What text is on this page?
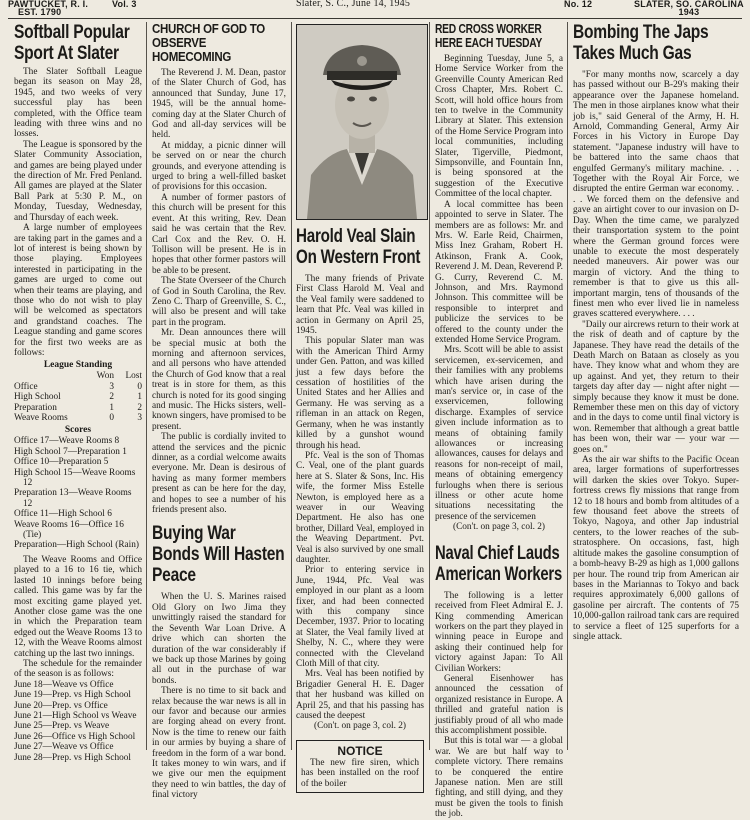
PAWTUCKET, R. I.
EST. 1790
Vol. 3	Slater, S. C., June 14, 1945	No. 12	SLATER, SO. CAROLINA
1943
Softball Popular Sport At Slater

The Slater Softball League began its season on May 28, 1945, and two weeks of very successful play has been completed, with the Office team leading with three wins and no losses.

The League is sponsored by the Slater Community Association, and games are being played under the direction of Mr. Fred Penland. All games are played at the Slater Ball Park at 5:30 P. M., on Monday, Tuesday, Wednesday, and Thursday of each week.

A large number of employees are taking part in the games and a lot of interest is being shown by those playing. Employees interested in participating in the games are urged to come out when their teams are playing, and those who do not wish to play will be welcomed as spectators and grandstand coaches. The League standing and game scores for the first two weeks are as follows:

League Standing
Won	Lost
Office	3	0
High School	2	1
Preparation	1	2
Weave Rooms	0	3
Scores
Office 17—Weave Rooms 8
High School 7—Preparation 1
Office 10—Preparation 5
High School 15—Weave Rooms 12
Preparation 13—Weave Rooms 12
Office 11—High School 6
Weave Rooms 16—Office 16 (Tie)
Preparation—High School (Rain)

The Weave Rooms and Office played to a 16 to 16 tie, which lasted 10 innings before being called. This game was by far the most exciting game played yet. Another close game was the one in which the Preparation team edged out the Weave Rooms 13 to 12, with the Weave Rooms almost catching up the last two innings.

The schedule for the remainder of the season is as follows:

June 18—Weave vs Office
June 19—Prep. vs High School
June 20—Prep. vs Office
June 21—High School vs Weave
June 25—Prep. vs Weave
June 26—Office vs High School
June 27—Weave vs Office
June 28—Prep. vs High School
CHURCH OF GOD TO OBSERVE HOMECOMING

The Reverend J. M. Dean, pastor of the Slater Church of God, has announced that Sunday, June 17, 1945, will be the annual home-coming day at the Slater Church of God and all-day services will be held.

At midday, a picnic dinner will be served on or near the church grounds, and everyone attending is urged to bring a well-filled basket of provisions for this occasion.

A number of former pastors of this church will be present for this event. At this writing, Rev. Dean said he was certain that the Rev. Carl Cox and the Rev. O. H. Tollison will be present. He is in hopes that other former pastors will be able to be present.

The State Overseer of the Church of God in South Carolina, the Rev. Zeno C. Tharp of Greenville, S. C., will also be present and will take part in the program.

Mr. Dean announces there will be special music at both the morning and afternoon services, and all persons who have attended the Church of God know that a real treat is in store for them, as this church is noted for its good singing and music. The Hicks sisters, well-known singers, have promised to be present.

The public is cordially invited to attend the services and the picnic dinner, as a cordial welcome awaits everyone. Mr. Dean is desirous of having as many former members present as can be here for the day, and hopes to see a number of his friends present also.

Buying War Bonds Will Hasten Peace

When the U. S. Marines raised Old Glory on Iwo Jima they unwittingly raised the standard for the Seventh War Loan Drive. A drive which can shorten the duration of the war considerably if we back up those Marines by going all out in the purchase of war bonds.

There is no time to sit back and relax because the war news is all in our favor and because our armies are forging ahead on every front. Now is the time to renew our faith in our armies by buying a share of freedom in the form of a war bond. It takes money to win wars, and if we give our men the equipment they need to win battles, the day of final victory

Harold Veal Slain On Western Front

The many friends of Private First Class Harold M. Veal and the Veal family were saddened to learn that Pfc. Veal was killed in action in Germany on April 25, 1945.

This popular Slater man was with the American Third Army under Gen. Patton, and was killed just a few days before the cessation of hostilities of the United States and her Allies and Germany. He was serving as a rifleman in an attack on Regen, Germany, when he was instantly killed by a gunshot wound through his head.

Pfc. Veal is the son of Thomas C. Veal, one of the plant guards here at S. Slater & Sons, Inc. His wife, the former Miss Estelle Newton, is employed here as a weaver in our Weaving Department. He also has one brother, Dillard Veal, employed in the Weaving Department. Pvt. Veal is also survived by one small daughter.

Prior to entering service in June, 1944, Pfc. Veal was employed in our plant as a loom fixer, and had been connected with this company since December, 1937. Prior to locating at Slater, the Veal family lived at Shelby, N. C., where they were connected with the Cleveland Cloth Mill of that city.

Mrs. Veal has been notified by Brigadier General H. E. Dager that her husband was killed on April 25, and that his passing has caused the deepest

(Con't. on page 3, col. 2)
NOTICE

The new fire siren, which has been installed on the roof of the boiler

RED CROSS WORKER HERE EACH TUESDAY

Beginning Tuesday, June 5, a Home Service Worker from the Greenville County American Red Cross Chapter, Mrs. Robert C. Scott, will hold office hours from ten to twelve in the Community Library at Slater. This extension of the Home Service Program into local communities, including Slater, Tigerville, Piedmont, Simpsonville, and Fountain Inn, is being sponsored at the suggestion of the Executive Committee of the local chapter.

A local committee has been appointed to serve in Slater. The members are as follows: Mr. and Mrs. W. Earle Reid, Chairmen, Miss Inez Graham, Robert H. Atkinson, Frank A. Cook, Reverend J. M. Dean, Reverend P. G. Curry, Reverend C. M. Johnson, and Mrs. Raymond Johnson. This committee will be responsible to interpret and publicize the services to be offered to the county under the extended Home Service Program.

Mrs. Scott will be able to assist servicemen, ex-servicemen, and their families with any problems which have arisen during the man's service or, in case of the exservicemen, following discharge. Examples of service given include information as to means of obtaining family allowances or increasing allowances, causes for delays and reasons for non-receipt of mail, means of obtaining emergency furloughs when there is serious illness or other acute home situations necessitating the presence of the servicemen

(Con't. on page 3, col. 2)
Naval Chief Lauds American Workers

The following is a letter received from Fleet Admiral E. J. King commending American workers on the part they played in winning peace in Europe and asking their continued help for victory against Japan: To All Civilian Workers:

General Eisenhower has announced the cessation of organized resistance in Europe. A thrilled and grateful nation is justifiably proud of all who made this accomplishment possible.

But this is total war — a global war. We are but half way to complete victory. There remains to be conquered the entire Japanese nation. Men are still fighting, and still dying, and they must be given the tools to finish the job.

Bombing The Japs Takes Much Gas

"For many months now, scarcely a day has passed without our B-29's making their appearance over the Japanese homeland. The men in those airplanes know what their job is," said General of the Army, H. H. Arnold, Commanding General, Army Air Forces in his Victory in Europe Day statement. "Japanese industry will have to be battered into the same chaos that engulfed Germany's military machine. . . Together with the Royal Air Force, we disrupted the entire German war economy. . . . We forced them on the defensive and gave an airtight cover to our invasion on D-Day. When the time came, we paralyzed their transportation system to the point where the German ground forces were unable to execute the most desperately needed maneuvers. Air power was our margin of victory. And the thing to remember is that to give us this all-important margin, tens of thousands of the finest men who ever lived lie in nameless graves scattered everywhere. . . .

"Daily our aircrews return to their work at the risk of death and of capture by the Japanese. They have read the details of the Death March on Bataan as closely as you have. They know what and whom they are up against. And yet, they return to their targets day after day — night after night — simply because they know it must be done. Remember these men on this day of victory and in the days to come until final victory is won. Remember that although a great battle has been won, their war — your war — goes on."

As the air war shifts to the Pacific Ocean area, larger formations of superfortresses will darken the skies over Tokyo. Super-fortress crews fly missions that range from 12 to 18 hours and bomb from altitudes of a few thousand feet above the streets of Tokyo, Nagoya, and other Jap industrial centers, to the lower reaches of the sub-stratosphere. On occasions, fast, high altitude makes the gasoline consumption of a bomb-heavy B-29 as high as 1,000 gallons per hour. The round trip from American air bases in the Mariannas to Tokyo and back requires approximately 6,000 gallons of gasoline per aircraft. The contents of 75 10,000-gallon railroad tank cars are required to service a fleet of 125 superforts for a single attack.
